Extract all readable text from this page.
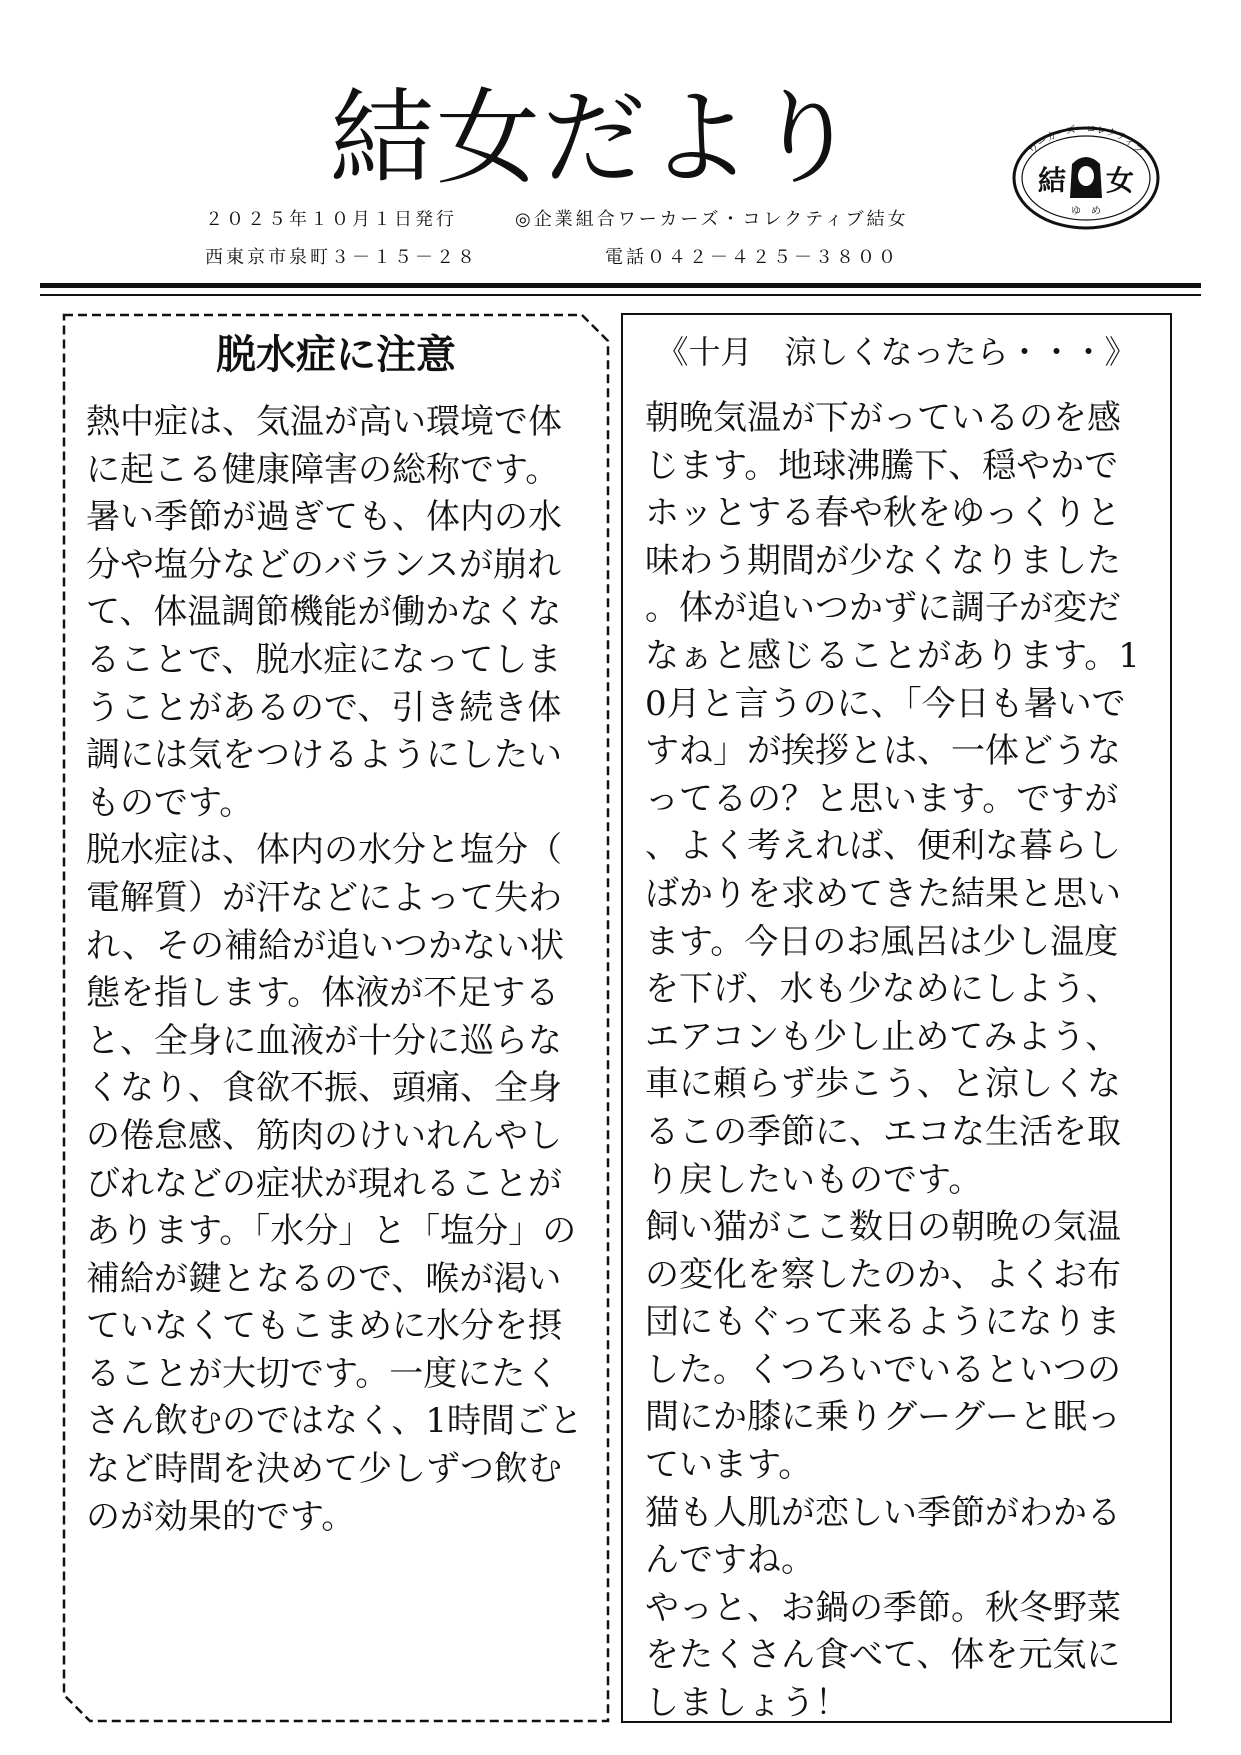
結女だより
２０２５年１０月１日発行	◎企業組合ワーカーズ・コレクティブ結女
西東京市泉町３－１５－２８	電話０４２－４２５－３８００
ワーカーズ・コレクティブ
結 女
ゆ　め
脱水症に注意

熱中症は、気温が高い環境で体に起こる健康障害の総称です。

暑い季節が過ぎても、体内の水分や塩分などのバランスが崩れて、体温調節機能が働かなくなることで、脱水症になってしまうことがあるので、引き続き体調には気をつけるようにしたいものです。

脱水症は、体内の水分と塩分（電解質）が汗などによって失われ、その補給が追いつかない状態を指します。体液が不足すると、全身に血液が十分に巡らなくなり、食欲不振、頭痛、全身の倦怠感、筋肉のけいれんやしびれなどの症状が現れることがあります。「水分」と「塩分」の補給が鍵となるので、喉が渇いていなくてもこまめに水分を摂ることが大切です。一度にたくさん飲むのではなく、1時間ごとなど時間を決めて少しずつ飲むのが効果的です。

《十月　涼しくなったら・・・》

朝晩気温が下がっているのを感じます。地球沸騰下、穏やかでホッとする春や秋をゆっくりと味わう期間が少なくなりました。体が追いつかずに調子が変だなぁと感じることがあります。10月と言うのに、「今日も暑いですね」が挨拶とは、一体どうなってるの？と思います。ですが、よく考えれば、便利な暮らしばかりを求めてきた結果と思います。今日のお風呂は少し温度を下げ、水も少なめにしよう、エアコンも少し止めてみよう、車に頼らず歩こう、と涼しくなるこの季節に、エコな生活を取り戻したいものです。

飼い猫がここ数日の朝晩の気温の変化を察したのか、よくお布団にもぐって来るようになりました。くつろいでいるといつの間にか膝に乗りグーグーと眠っています。

猫も人肌が恋しい季節がわかるんですね。

やっと、お鍋の季節。秋冬野菜をたくさん食べて、体を元気にしましょう！
